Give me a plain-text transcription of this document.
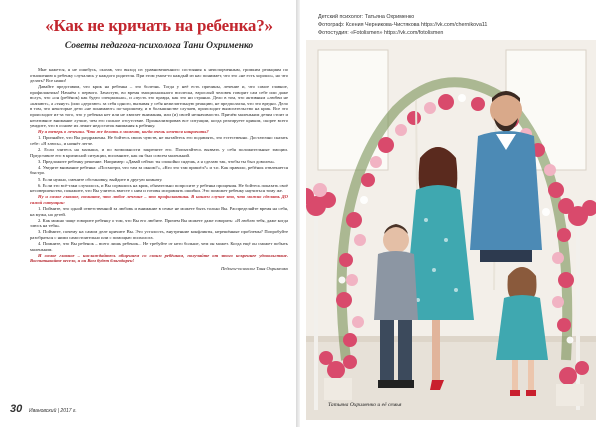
«Как не кричать на ребенка?»
Советы педагога-психолога Тани Охрименко

Мне кажется, я не ошибусь, сказав, что выход из уравновешенного состояния к неиспорченным, громким реакциям по отношению к ребенку случались у каждого родителя. При этом умом-то каждый из нас понимает, что это «не есть хорошо», но что делать? Все наши!

Давайте представим, что крик на ребенка – это болезнь. Тогда у неё есть причины, лечение и, что самое главное, профилактика! Начнём с первого. Зачастую, во время эмоционального всплеска, взрослый человек говорит сам себе или даже вслух, что «он (ребёнок) как будто специально», и «пусть это правда, как это ни странно. Дело в том, что активным «любви не «капают», а «тянут» (или «дергают» за себя одного, вызывая у себя нежелательную реакцию, не предполагая, что это вредно. Дело в том, что некоторые дети «не понимают» по-хорошему, и в большинстве случаев, происходит вымогательство на крик. Все это происходит из-за того, что у ребенка нет или не хватает внимания, или (и) своей незначимости. Причём маленьким детям стоит и негативное внимание лучше, чем его полное отсутствие. Проанализировав все ситуации, когда реагируете криком, скорее всего увидите, что в основе их лежит недостаток внимания к ребенку.

Ну а теперь о лечении. Что же делать в момент, когда очень хочется накричать?

1. Признайте, что Вы раздражены. Не бойтесь своих чувств, не пытайтесь его подавлять, это естественно. Достаточно сказать себе: «Я злюсь», и начнёт легче.

2. Если злитесь на малыша, и по возможности закрепите его. Попытайтесь вызвать у себя положительные эмоции. Представьте его в кризисной ситуации, вспомните, как он был совсем маленький.

3. Предложите ребенку решение. Например: «Давай сейчас ты спокойно сядешь, а я сделаю так, чтобы ты был доволен».

4. Уведите внимание ребенка: «Посмотри, что там за окном?», «Кто это там пришёл?» и т.п. Как правило, ребёнок отвлекается быстро.

5. Если нужно, смените обстановку, выйдите в другую комнату.

6. Если это всё-таки случилось, и Вы сорвались на крик, обязательно попросите у ребенка прощения. Не бойтесь показать своё несовершенство, покажите, что Вы учитесь вместе с ним и готовы исправлять ошибки. Это поможет ребенку научиться тому же.

Ну и самое главное, помните, что любое лечение – это профилактика. В нашем случае это, что можно сделать ДО самой ситуации:

1. Поймите, что одной ответственной за любовь и внимание в семье не можете быть только Вы. Распределяйте время на себя, на мужа, на детей.

2. Как можно чаще говорите ребенку о том, что Вы его любите. Причем Вы можете даже говорить: «Я люблю тебя, даже когда злюсь на тебя».

3. Поймите, почему на самом деле кричите Вы. Это усталость, внутренние конфликты, нерешённые проблемы? Попробуйте разобраться с ними самостоятельно или с помощью психолога.

4. Помните, что Вы ребенок – всего лишь ребенок... Не требуйте от него больше, чем он может. Когда ещё он сможет побыть маленьким.

И самое главное – наслаждайтесь общением со своим ребёнком, получайте от этого искреннее удовольствие. Воспитывайте весело, и он Вам будет благодарен!

Педагог-психолог Таня Охрименко

30 Ивановский | 2017 г.
Детский психолог: Татьяна Охрименко
Фотограф: Ксения Черникова-Чистякова https://vk.com/chernikova11
Фотостудия: «Fotolismen» https://vk.com/fotolismen
Татьяна Охрименко и её семья
